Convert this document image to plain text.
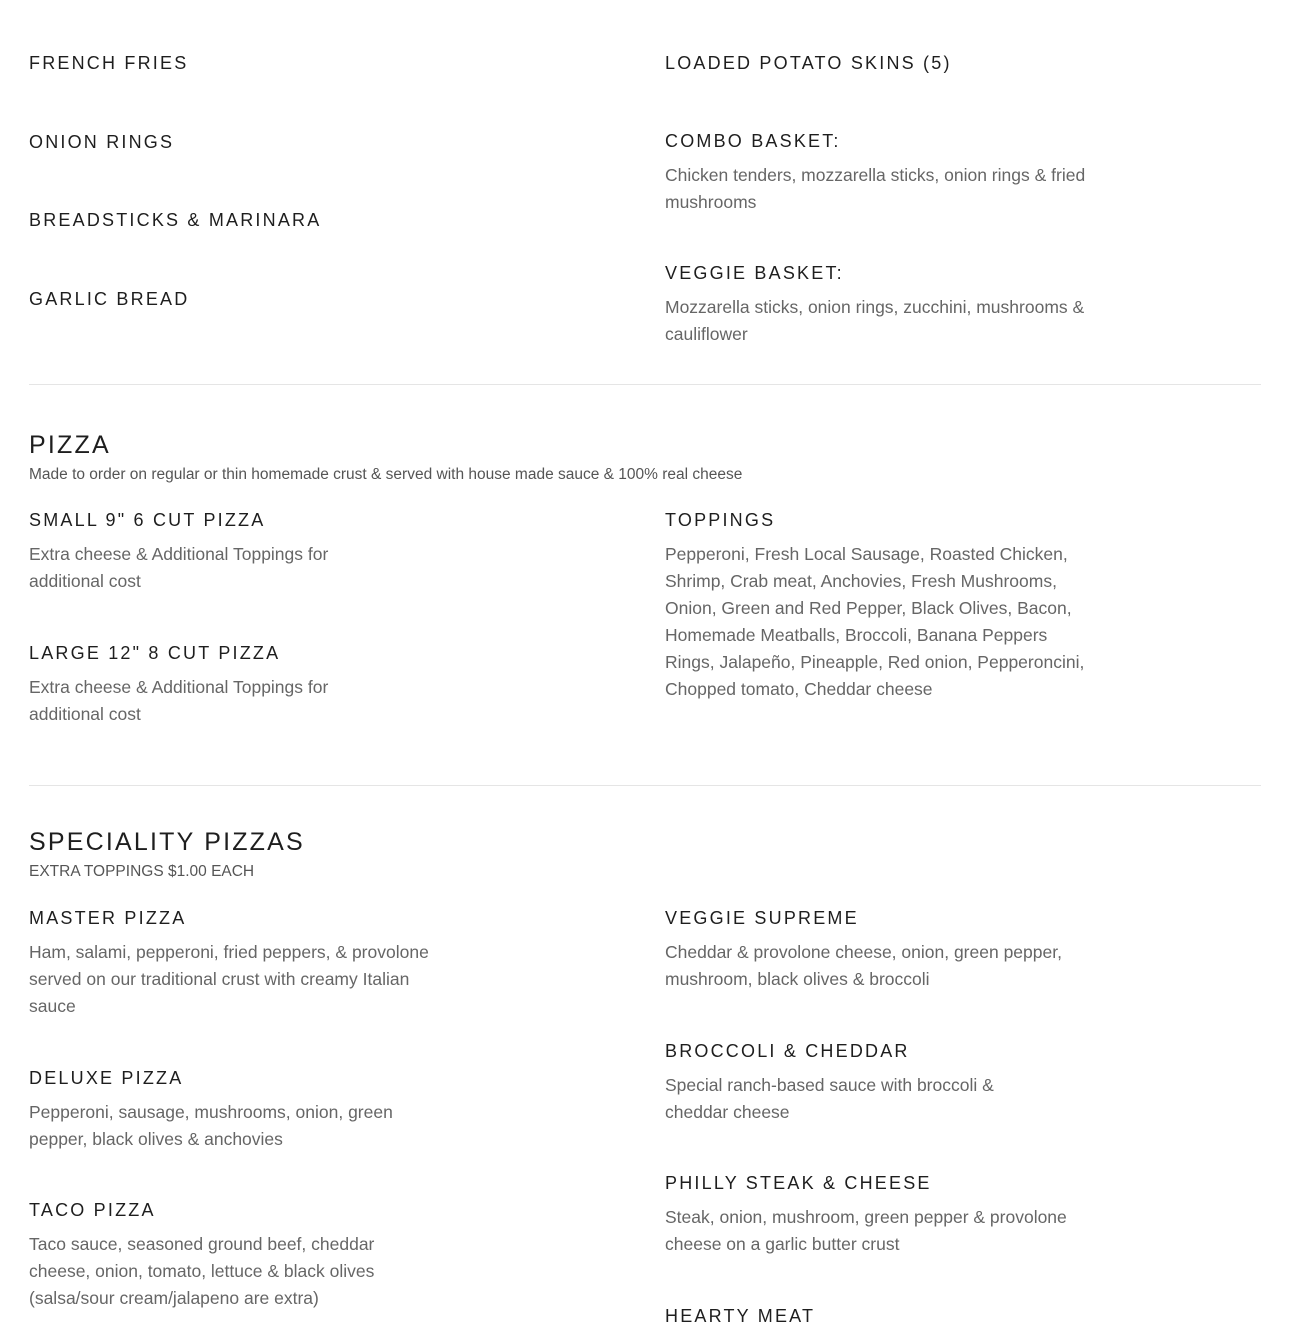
FRENCH FRIES
ONION RINGS
BREADSTICKS & MARINARA
GARLIC BREAD
LOADED POTATO SKINS (5)
COMBO BASKET:

Chicken tenders, mozzarella sticks, onion rings & fried mushrooms

VEGGIE BASKET:

Mozzarella sticks, onion rings, zucchini, mushrooms & cauliflower

PIZZA

Made to order on regular or thin homemade crust & served with house made sauce & 100% real cheese

SMALL 9" 6 CUT PIZZA

Extra cheese & Additional Toppings for additional cost

LARGE 12" 8 CUT PIZZA

Extra cheese & Additional Toppings for additional cost

TOPPINGS

Pepperoni, Fresh Local Sausage, Roasted Chicken, Shrimp, Crab meat, Anchovies, Fresh Mushrooms, Onion, Green and Red Pepper, Black Olives, Bacon, Homemade Meatballs, Broccoli, Banana Peppers Rings, Jalapeño, Pineapple, Red onion, Pepperoncini, Chopped tomato, Cheddar cheese

SPECIALITY PIZZAS

EXTRA TOPPINGS $1.00 EACH

MASTER PIZZA

Ham, salami, pepperoni, fried peppers, & provolone served on our traditional crust with creamy Italian sauce

DELUXE PIZZA

Pepperoni, sausage, mushrooms, onion, green pepper, black olives & anchovies

TACO PIZZA

Taco sauce, seasoned ground beef, cheddar cheese, onion, tomato, lettuce & black olives (salsa/sour cream/jalapeno are extra)

VEGGIE SUPREME

Cheddar & provolone cheese, onion, green pepper, mushroom, black olives & broccoli

BROCCOLI & CHEDDAR

Special ranch-based sauce with broccoli & cheddar cheese

PHILLY STEAK & CHEESE

Steak, onion, mushroom, green pepper & provolone cheese on a garlic butter crust

HEARTY MEAT
